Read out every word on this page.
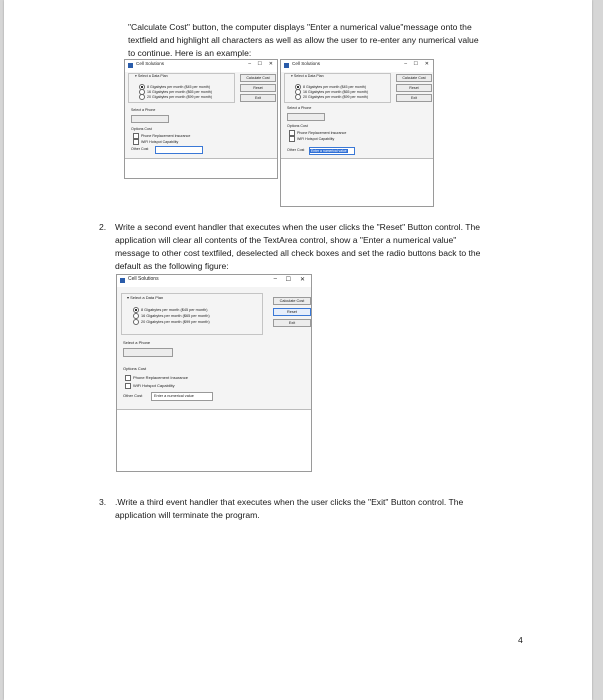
"Calculate Cost" button, the computer displays "Enter a numerical value"message onto the

textfield and highlight all characters as well as allow the user to re-enter any numerical value

to continue. Here is an example:

Cell Solutions	– ☐ ✕
▾ Select a Data Plan
8 Gigabytes per month ($45 per month)
16 Gigabytes per month ($65 per month)
20 Gigabytes per month ($99 per month)
Calculate Cost
Reset
Exit
Select a Phone
Options Cost
Phone Replacement Insurance
WiFi Hotspot Capability
Other Cost
Cell Solutions	– ☐ ✕
▾ Select a Data Plan
8 Gigabytes per month ($45 per month)
16 Gigabytes per month ($65 per month)
20 Gigabytes per month ($99 per month)
Calculate Cost
Reset
Exit
Select a Phone
Options Cost
Phone Replacement Insurance
WiFi Hotspot Capability
Other Cost	Enter a numerical value
2. Write a second event handler that executes when the user clicks the "Reset" Button control. The

application will clear all contents of the TextArea control, show a "Enter a numerical value"

message to other cost textfiled, deselected all check boxes and set the radio buttons back to the

default as the following figure:

Cell Solutions	– ☐ ✕
▾ Select a Data Plan
8 Gigabytes per month ($45 per month)
16 Gigabytes per month ($65 per month)
20 Gigabytes per month ($99 per month)
Calculate Cost
Reset
Exit
Select a Phone
Options Cost
Phone Replacement Insurance
WiFi Hotspot Capability
Other Cost	Enter a numerical value
3. .Write a third event handler that executes when the user clicks the "Exit" Button control. The

application will terminate the program.

4
